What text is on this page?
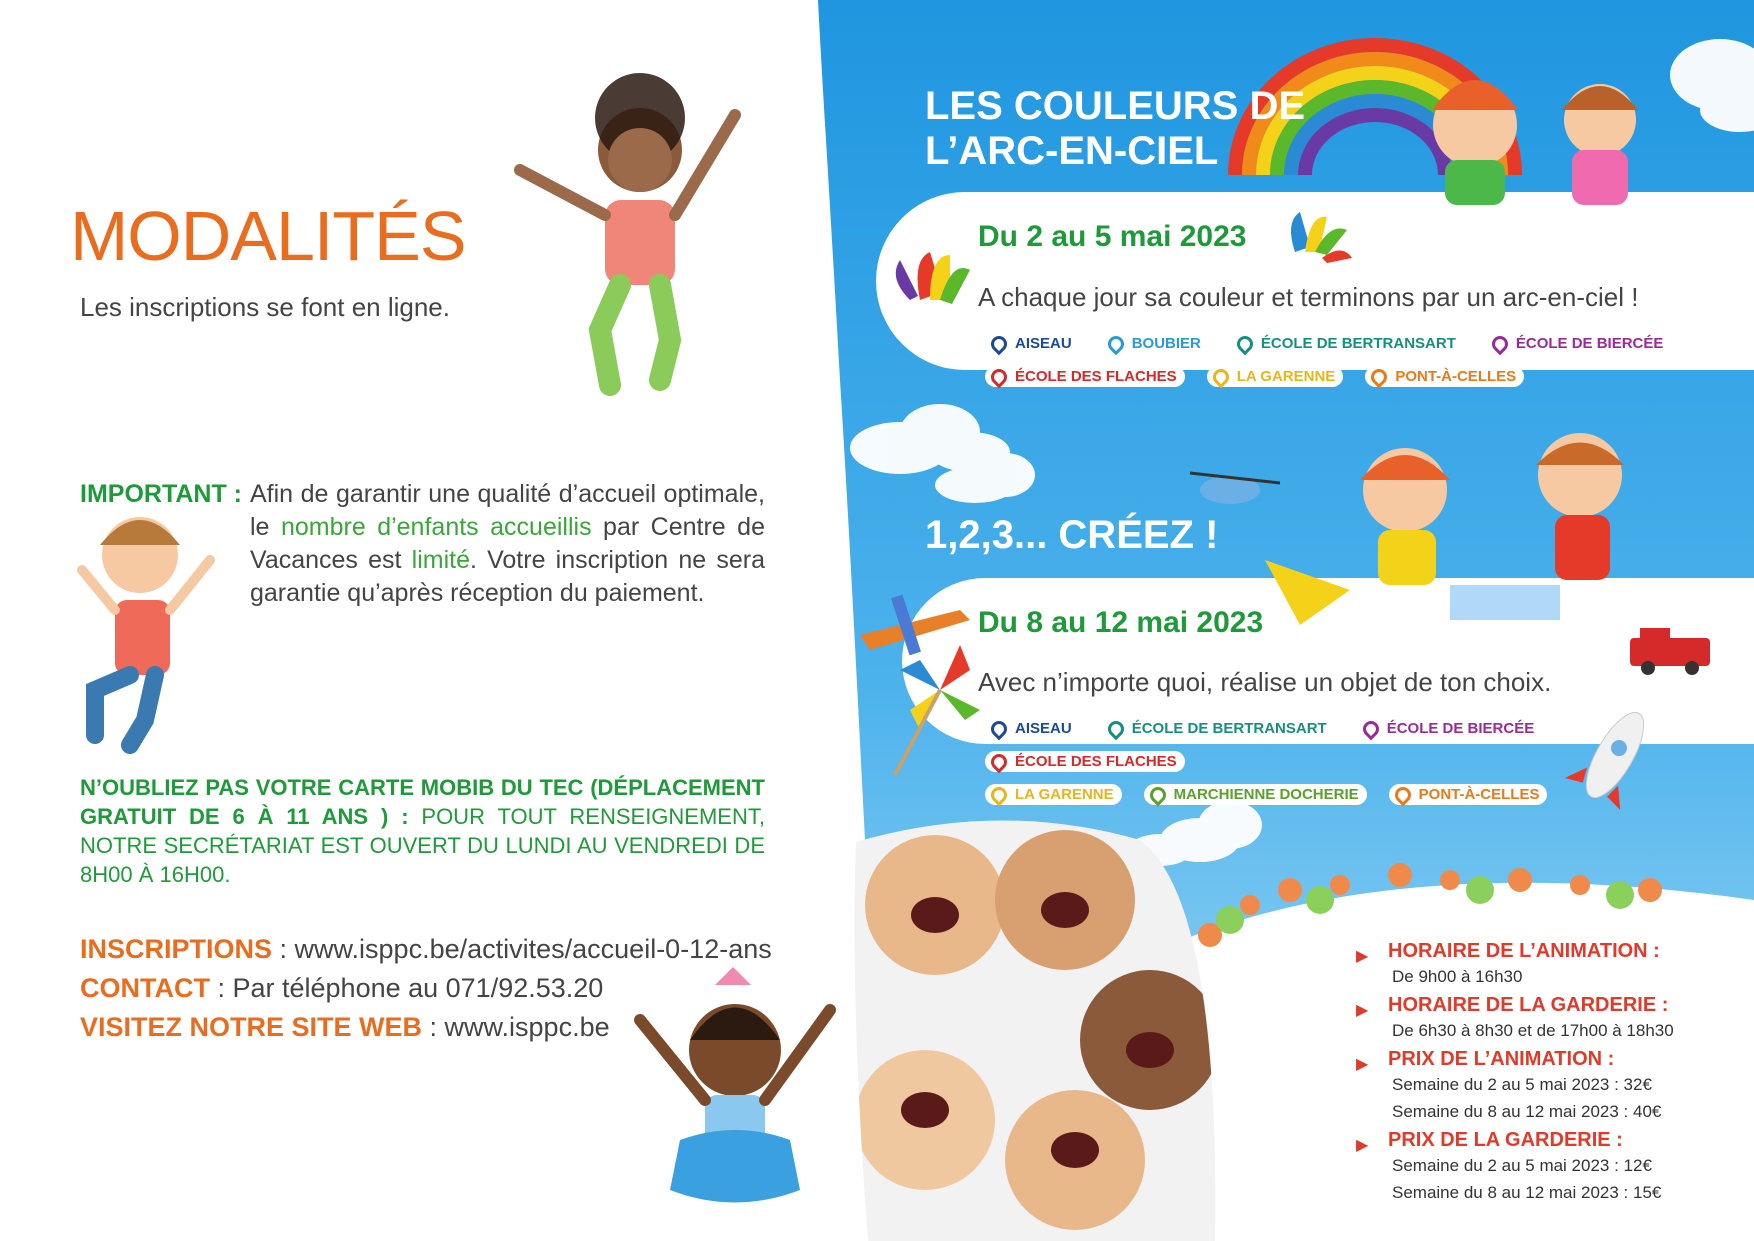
MODALITÉS
Les inscriptions se font en ligne.
IMPORTANT : Afin de garantir une qualité d’accueil optimale, le nombre d’enfants accueillis par Centre de Vacances est limité. Votre inscription ne sera garantie qu’après réception du paiement.
N’OUBLIEZ PAS VOTRE CARTE MOBIB DU TEC (DÉPLACEMENT GRATUIT DE 6 À 11 ANS ) : POUR TOUT RENSEIGNEMENT, NOTRE SECRÉTARIAT EST OUVERT DU LUNDI AU VENDREDI DE 8H00 À 16H00.
INSCRIPTIONS : www.isppc.be/activites/accueil-0-12-ans
CONTACT : Par téléphone au 071/92.53.20
VISITEZ NOTRE SITE WEB : www.isppc.be
LES COULEURS DE
L’ARC-EN-CIEL
Du 2 au 5 mai 2023
A chaque jour sa couleur et terminons par un arc-en-ciel !
AISEAU	BOUBIER	ÉCOLE DE BERTRANSART	ÉCOLE DE BIERCÉE

ÉCOLE DES FLACHES	LA GARENNE	PONT-À-CELLES
1,2,3... CRÉEZ !
Du 8 au 12 mai 2023
Avec n’importe quoi, réalise un objet de ton choix.
AISEAU	ÉCOLE DE BERTRANSART	ÉCOLE DE BIERCÉE
ÉCOLE DES FLACHES

LA GARENNE	MARCHIENNE DOCHERIE	PONT-À-CELLES
▶ HORAIRE DE L’ANIMATION :
De 9h00 à 16h30
▶ HORAIRE DE LA GARDERIE :
De 6h30 à 8h30 et de 17h00 à 18h30
▶ PRIX DE L’ANIMATION :
Semaine du 2 au 5 mai 2023 : 32€
Semaine du 8 au 12 mai 2023 : 40€
▶ PRIX DE LA GARDERIE :
Semaine du 2 au 5 mai 2023 : 12€
Semaine du 8 au 12 mai 2023 : 15€
